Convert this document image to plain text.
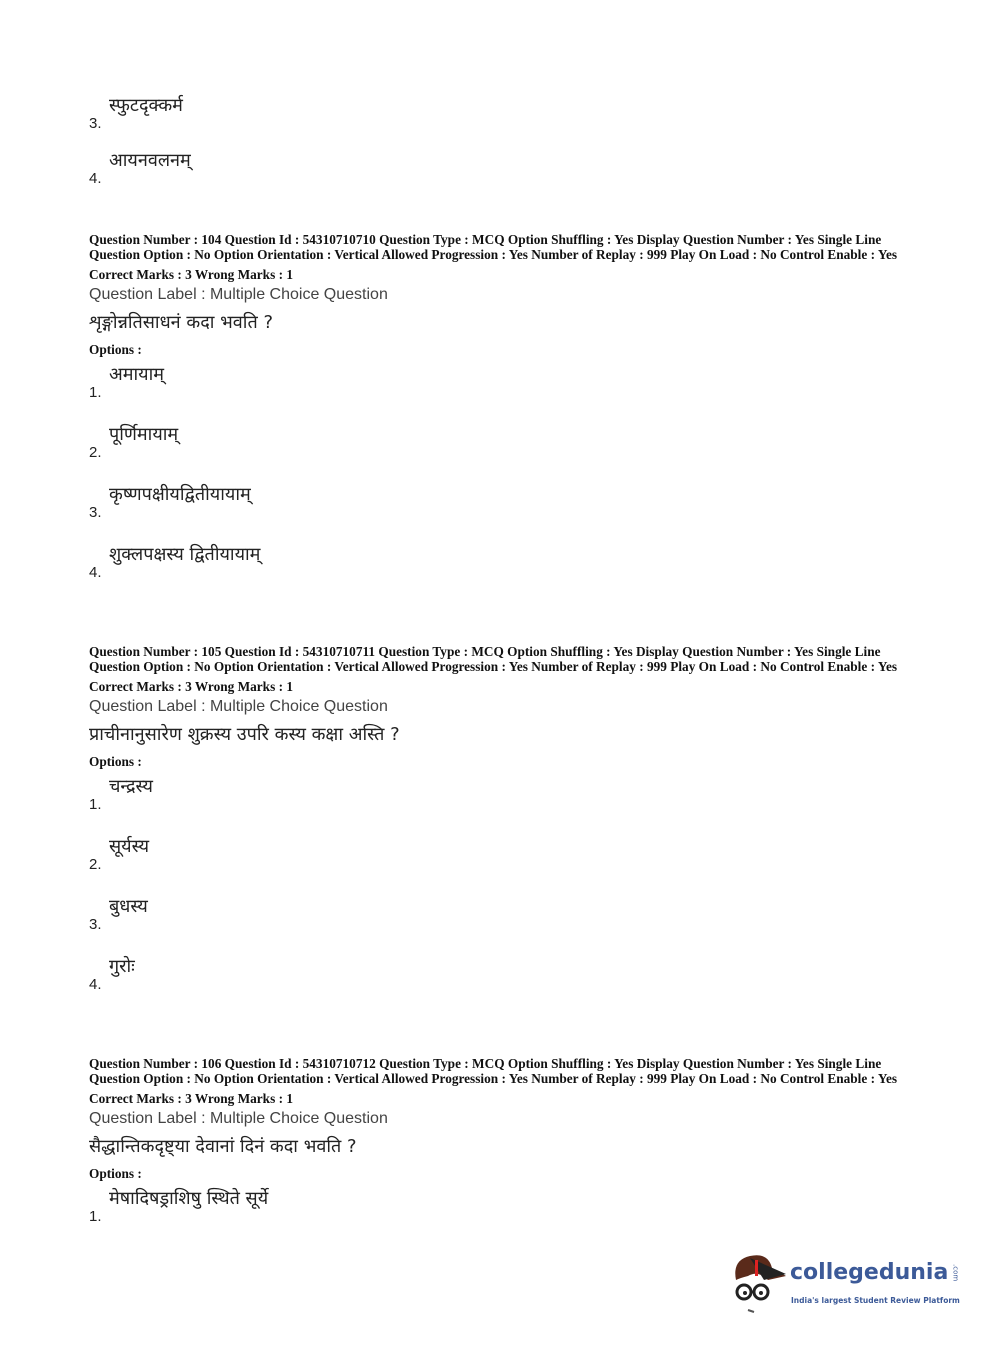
3.
स्फुटदृक्कर्म
4.
आयनवलनम्
Question Number : 104 Question Id : 54310710710 Question Type : MCQ Option Shuffling : Yes Display Question Number : Yes Single Line Question Option : No Option Orientation : Vertical Allowed Progression : Yes Number of Replay : 999 Play On Load : No Control Enable : Yes
Correct Marks : 3 Wrong Marks : 1
Question Label : Multiple Choice Question
शृङ्गोन्नतिसाधनं कदा भवति ?
Options :
1.
अमायाम्
2.
पूर्णिमायाम्
3.
कृष्णपक्षीयद्वितीयायाम्
4.
शुक्लपक्षस्य द्वितीयायाम्
Question Number : 105 Question Id : 54310710711 Question Type : MCQ Option Shuffling : Yes Display Question Number : Yes Single Line Question Option : No Option Orientation : Vertical Allowed Progression : Yes Number of Replay : 999 Play On Load : No Control Enable : Yes
Correct Marks : 3 Wrong Marks : 1
Question Label : Multiple Choice Question
प्राचीनानुसारेण शुक्रस्य उपरि कस्य कक्षा अस्ति ?
Options :
1.
चन्द्रस्य
2.
सूर्यस्य
3.
बुधस्य
4.
गुरोः
Question Number : 106 Question Id : 54310710712 Question Type : MCQ Option Shuffling : Yes Display Question Number : Yes Single Line Question Option : No Option Orientation : Vertical Allowed Progression : Yes Number of Replay : 999 Play On Load : No Control Enable : Yes
Correct Marks : 3 Wrong Marks : 1
Question Label : Multiple Choice Question
सैद्धान्तिकदृष्ट्या देवानां दिनं कदा भवति ?
Options :
1.
मेषादिषड्राशिषु स्थिते सूर्ये
collegedunia .com
India's largest Student Review Platform
